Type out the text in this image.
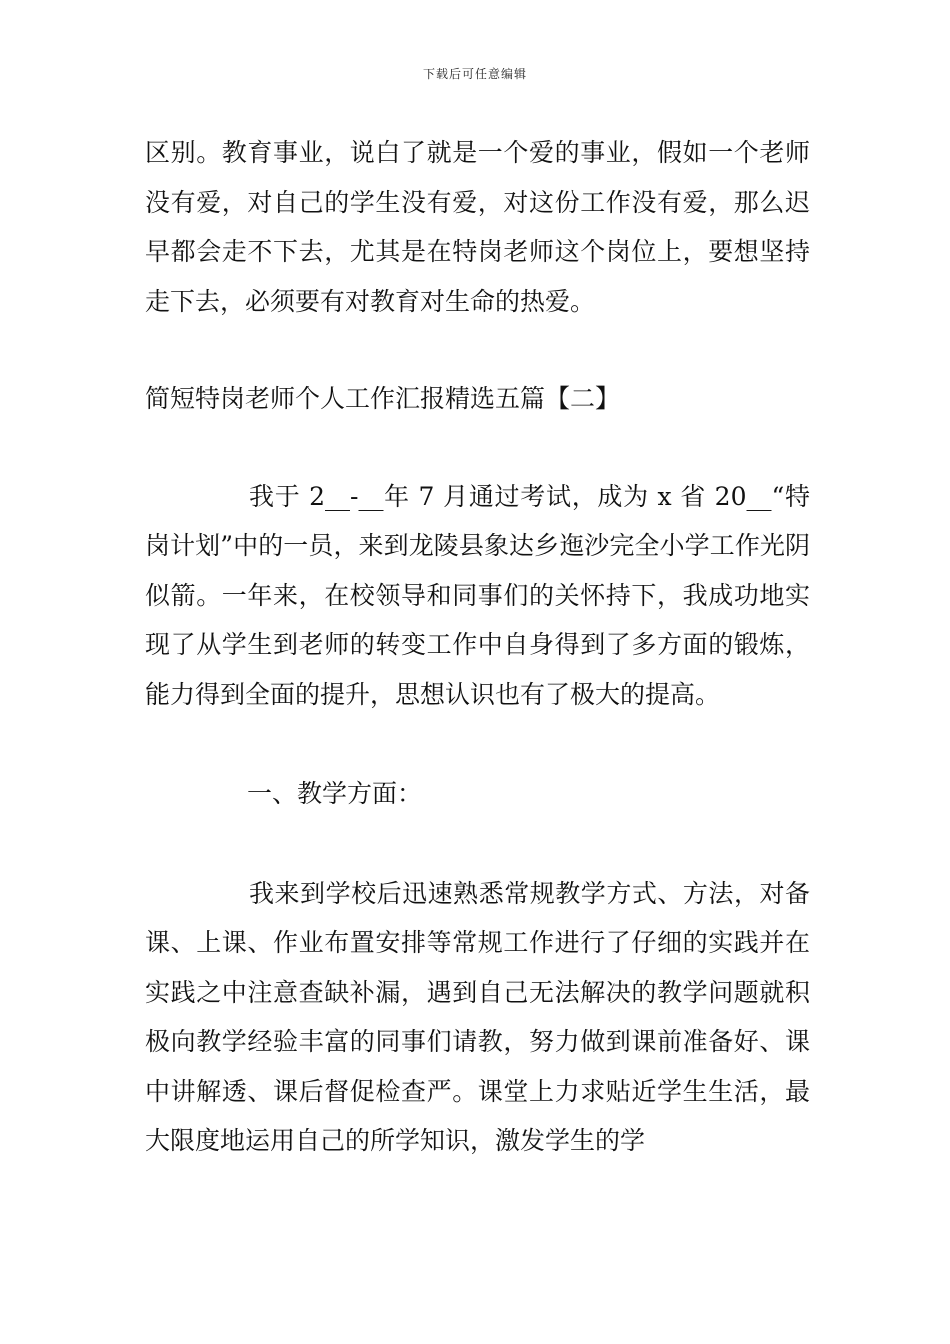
下载后可任意编辑

区别。教育事业，说白了就是一个爱的事业，假如一个老师没有爱，对自己的学生没有爱，对这份工作没有爱，那么迟早都会走不下去，尤其是在特岗老师这个岗位上，要想坚持走下去，必须要有对教育对生命的热爱。

简短特岗老师个人工作汇报精选五篇【二】

我于 2__-__年 7 月通过考试，成为 x 省 20__“特岗计划”中的一员，来到龙陵县象达乡迤沙完全小学工作光阴似箭。一年来，在校领导和同事们的关怀持下，我成功地实现了从学生到老师的转变工作中自身得到了多方面的锻炼，能力得到全面的提升，思想认识也有了极大的提高。

一、教学方面：

我来到学校后迅速熟悉常规教学方式、方法，对备课、上课、作业布置安排等常规工作进行了仔细的实践并在实践之中注意查缺补漏，遇到自己无法解决的教学问题就积极向教学经验丰富的同事们请教，努力做到课前准备好、课中讲解透、课后督促检查严。课堂上力求贴近学生生活，最大限度地运用自己的所学知识，激发学生的学
